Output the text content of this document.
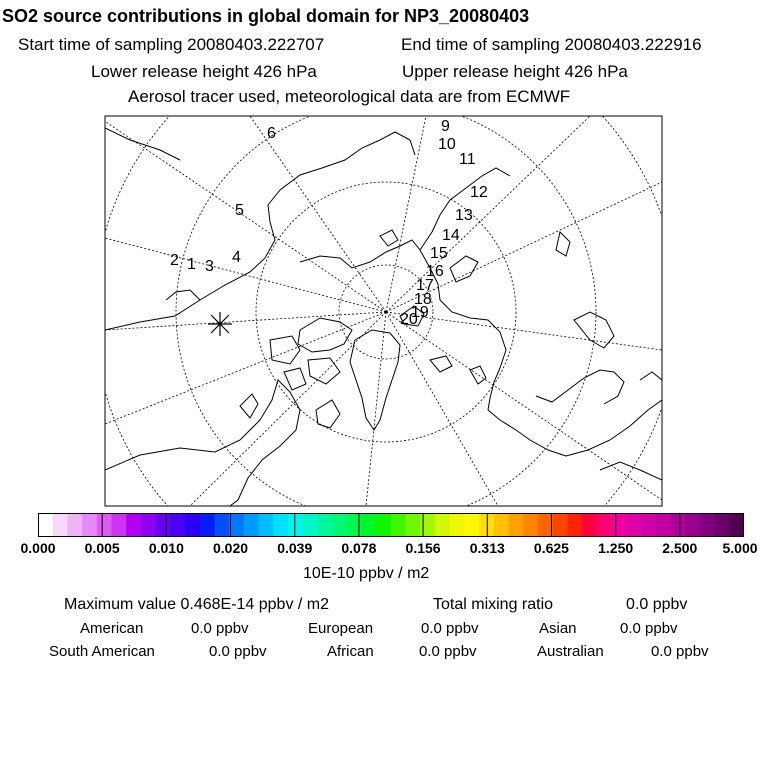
SO2 source contributions in global domain for NP3_20080403
Start time of sampling 20080403.222707	End time of sampling 20080403.222916
Lower release height 426 hPa	Upper release height 426 hPa
Aerosol tracer used, meteorological data are from ECMWF
6	9
10
11
12
5	13
14
15
16
17
18
19
20
2 1 3
4
0.000 0.005 0.010 0.020 0.039 0.078 0.156 0.313 0.625 1.250 2.500 5.000
10E-10 ppbv / m2
Maximum value 0.468E-14 ppbv / m2	Total mixing ratio	0.0 ppbv
American	0.0 ppbv	European	0.0 ppbv	Asian	0.0 ppbv
South American	0.0 ppbv	African	0.0 ppbv	Australian	0.0 ppbv
